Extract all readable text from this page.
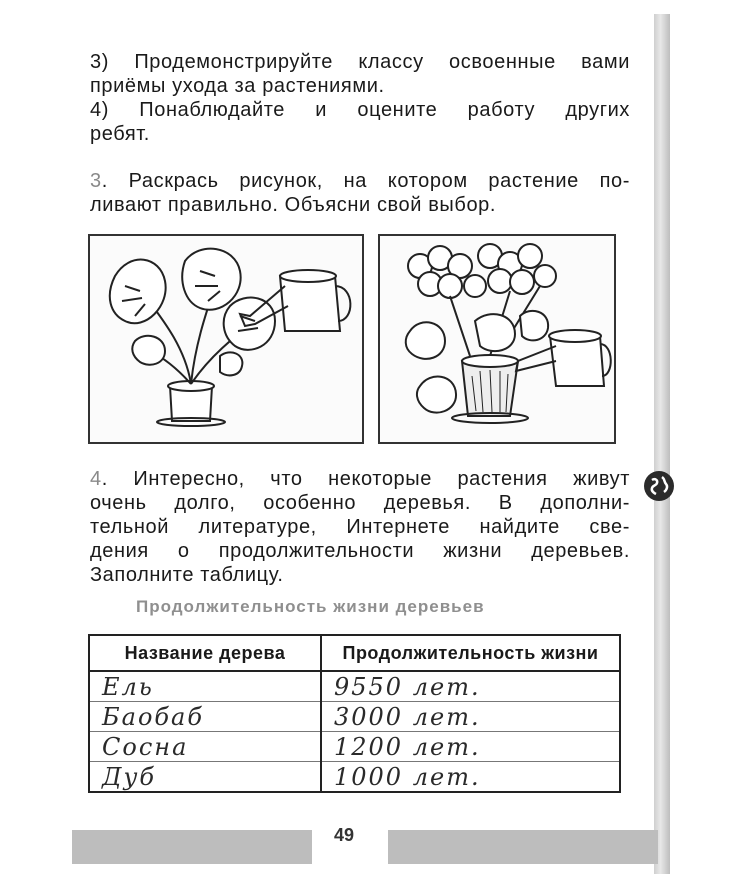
3) Продемонстрируйте классу освоенные вами
приёмы ухода за растениями.
4) Понаблюдайте и оцените работу других
ребят.
3. Раскрась рисунок, на котором растение по-
ливают правильно. Объясни свой выбор.
4. Интересно, что некоторые растения живут
очень долго, особенно деревья. В дополни-
тельной литературе, Интернете найдите све-
дения о продолжительности жизни деревьев.
Заполните таблицу.
Продолжительность жизни деревьев
Название дерева	Продолжительность жизни
Ель	9550 лет.
Баобаб	3000 лет.
Сосна	1200 лет.
Дуб	1000 лет.
49
